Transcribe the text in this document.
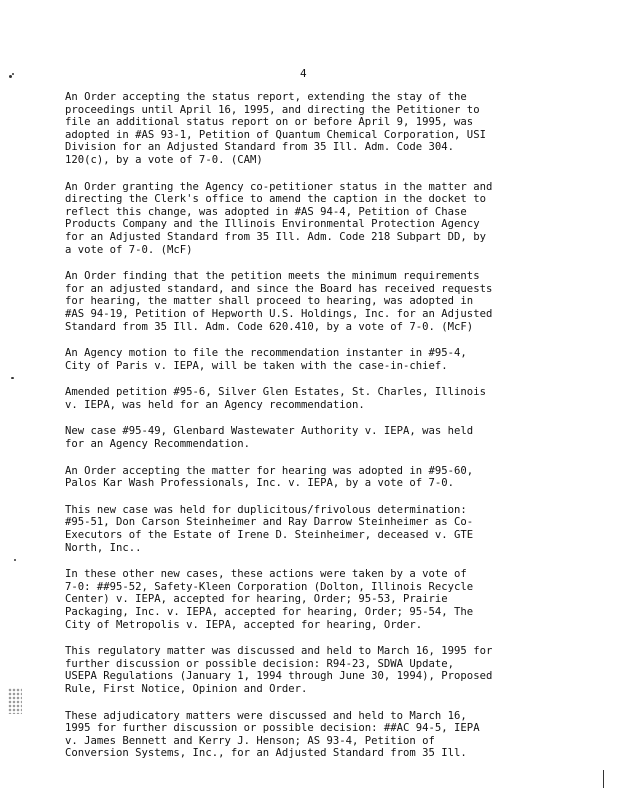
4

An Order accepting the status report, extending the stay of the
proceedings until April 16, 1995, and directing the Petitioner to
file an additional status report on or before April 9, 1995, was
adopted in #AS 93-1, Petition of Quantum Chemical Corporation, USI
Division for an Adjusted Standard from 35 Ill. Adm. Code 304.
120(c), by a vote of 7-0. (CAM)

An Order granting the Agency co-petitioner status in the matter and
directing the Clerk's office to amend the caption in the docket to
reflect this change, was adopted in #AS 94-4, Petition of Chase
Products Company and the Illinois Environmental Protection Agency
for an Adjusted Standard from 35 Ill. Adm. Code 218 Subpart DD, by
a vote of 7-0. (McF)

An Order finding that the petition meets the minimum requirements
for an adjusted standard, and since the Board has received requests
for hearing, the matter shall proceed to hearing, was adopted in
#AS 94-19, Petition of Hepworth U.S. Holdings, Inc. for an Adjusted
Standard from 35 Ill. Adm. Code 620.410, by a vote of 7-0. (McF)

An Agency motion to file the recommendation instanter in #95-4,
City of Paris v. IEPA, will be taken with the case-in-chief.

Amended petition #95-6, Silver Glen Estates, St. Charles, Illinois
v. IEPA, was held for an Agency recommendation.

New case #95-49, Glenbard Wastewater Authority v. IEPA, was held
for an Agency Recommendation.

An Order accepting the matter for hearing was adopted in #95-60,
Palos Kar Wash Professionals, Inc. v. IEPA, by a vote of 7-0.

This new case was held for duplicitous/frivolous determination:
#95-51, Don Carson Steinheimer and Ray Darrow Steinheimer as Co-
Executors of the Estate of Irene D. Steinheimer, deceased v. GTE
North, Inc..

In these other new cases, these actions were taken by a vote of
7-0: ##95-52, Safety-Kleen Corporation (Dolton, Illinois Recycle
Center) v. IEPA, accepted for hearing, Order; 95-53, Prairie
Packaging, Inc. v. IEPA, accepted for hearing, Order; 95-54, The
City of Metropolis v. IEPA, accepted for hearing, Order.

This regulatory matter was discussed and held to March 16, 1995 for
further discussion or possible decision: R94-23, SDWA Update,
USEPA Regulations (January 1, 1994 through June 30, 1994), Proposed
Rule, First Notice, Opinion and Order.

These adjudicatory matters were discussed and held to March 16,
1995 for further discussion or possible decision: ##AC 94-5, IEPA
v. James Bennett and Kerry J. Henson; AS 93-4, Petition of
Conversion Systems, Inc., for an Adjusted Standard from 35 Ill.
